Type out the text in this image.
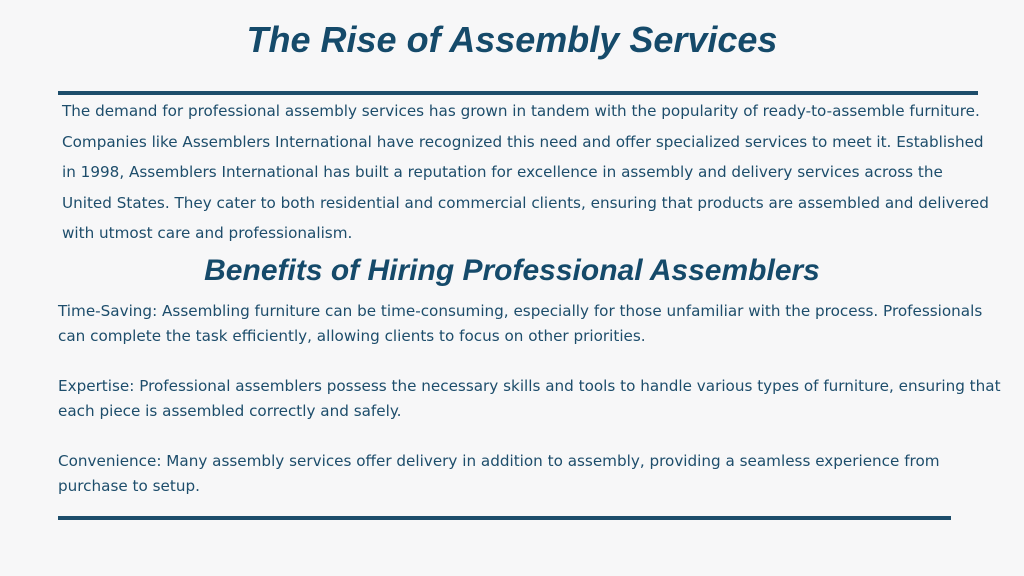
The Rise of Assembly Services

The demand for professional assembly services has grown in tandem with the popularity of ready-to-assemble furniture. Companies like Assemblers International have recognized this need and offer specialized services to meet it. Established in 1998, Assemblers International has built a reputation for excellence in assembly and delivery services across the United States. They cater to both residential and commercial clients, ensuring that products are assembled and delivered with utmost care and professionalism.

Benefits of Hiring Professional Assemblers
Time-Saving: Assembling furniture can be time-consuming, especially for those unfamiliar with the process. Professionals can complete the task efficiently, allowing clients to focus on other priorities.
Expertise: Professional assemblers possess the necessary skills and tools to handle various types of furniture, ensuring that each piece is assembled correctly and safely.
Convenience: Many assembly services offer delivery in addition to assembly, providing a seamless experience from purchase to setup.
